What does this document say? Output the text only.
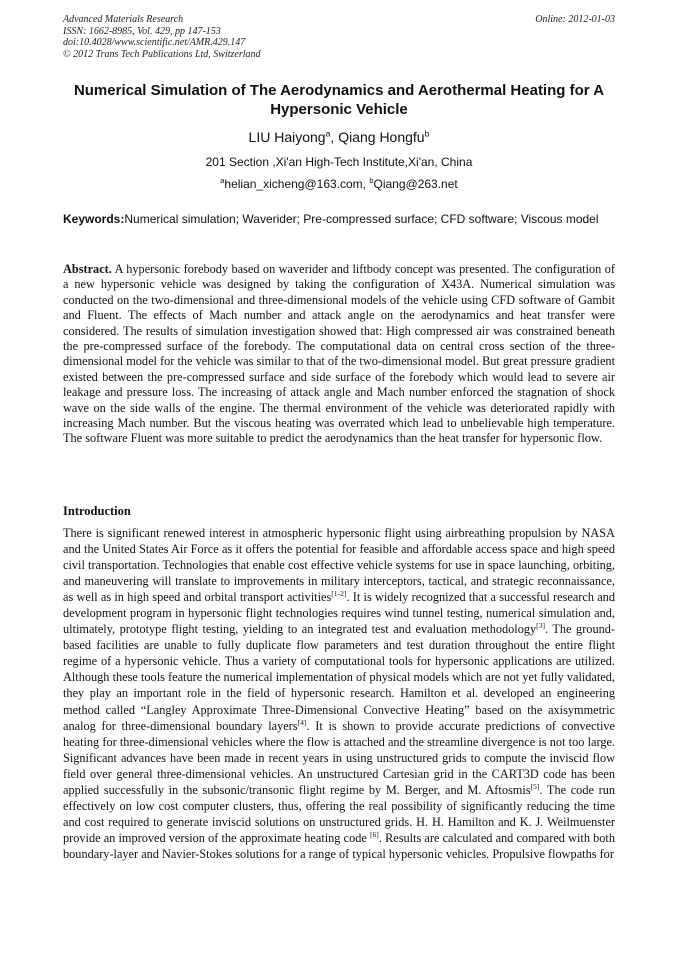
Advanced Materials Research
ISSN: 1662-8985, Vol. 429, pp 147-153
doi:10.4028/www.scientific.net/AMR.429.147
© 2012 Trans Tech Publications Ltd, Switzerland
Online: 2012-01-03
Numerical Simulation of The Aerodynamics and Aerothermal Heating for A Hypersonic Vehicle
LIU Haiyong$^a$, Qiang Hongfu$^b$
201 Section ,Xi'an High-Tech Institute,Xi'an, China
$^a$helian_xicheng@163.com, $^b$Qiang@263.net
Keywords:Numerical simulation; Waverider; Pre-compressed surface; CFD software; Viscous model
Abstract. A hypersonic forebody based on waverider and liftbody concept was presented. The configuration of a new hypersonic vehicle was designed by taking the configuration of X43A. Numerical simulation was conducted on the two-dimensional and three-dimensional models of the vehicle using CFD software of Gambit and Fluent. The effects of Mach number and attack angle on the aerodynamics and heat transfer were considered. The results of simulation investigation showed that: High compressed air was constrained beneath the pre-compressed surface of the forebody. The computational data on central cross section of the three-dimensional model for the vehicle was similar to that of the two-dimensional model. But great pressure gradient existed between the pre-compressed surface and side surface of the forebody which would lead to severe air leakage and pressure loss. The increasing of attack angle and Mach number enforced the stagnation of shock wave on the side walls of the engine. The thermal environment of the vehicle was deteriorated rapidly with increasing Mach number. But the viscous heating was overrated which lead to unbelievable high temperature. The software Fluent was more suitable to predict the aerodynamics than the heat transfer for hypersonic flow.
Introduction
There is significant renewed interest in atmospheric hypersonic flight using airbreathing propulsion by NASA and the United States Air Force as it offers the potential for feasible and affordable access space and high speed civil transportation. Technologies that enable cost effective vehicle systems for use in space launching, orbiting, and maneuvering will translate to improvements in military interceptors, tactical, and strategic reconnaissance, as well as in high speed and orbital transport activities[1-2]. It is widely recognized that a successful research and development program in hypersonic flight technologies requires wind tunnel testing, numerical simulation and, ultimately, prototype flight testing, yielding to an integrated test and evaluation methodology[3]. The ground-based facilities are unable to fully duplicate flow parameters and test duration throughout the entire flight regime of a hypersonic vehicle. Thus a variety of computational tools for hypersonic applications are utilized. Although these tools feature the numerical implementation of physical models which are not yet fully validated, they play an important role in the field of hypersonic research. Hamilton et al. developed an engineering method called “Langley Approximate Three-Dimensional Convective Heating” based on the axisymmetric analog for three-dimensional boundary layers[4]. It is shown to provide accurate predictions of convective heating for three-dimensional vehicles where the flow is attached and the streamline divergence is not too large. Significant advances have been made in recent years in using unstructured grids to compute the inviscid flow field over general three-dimensional vehicles. An unstructured Cartesian grid in the CART3D code has been applied successfully in the subsonic/transonic flight regime by M. Berger, and M. Aftosmis[5]. The code run effectively on low cost computer clusters, thus, offering the real possibility of significantly reducing the time and cost required to generate inviscid solutions on unstructured grids. H. H. Hamilton and K. J. Weilmuenster provide an improved version of the approximate heating code [6]. Results are calculated and compared with both boundary-layer and Navier-Stokes solutions for a range of typical hypersonic vehicles. Propulsive flowpaths for
